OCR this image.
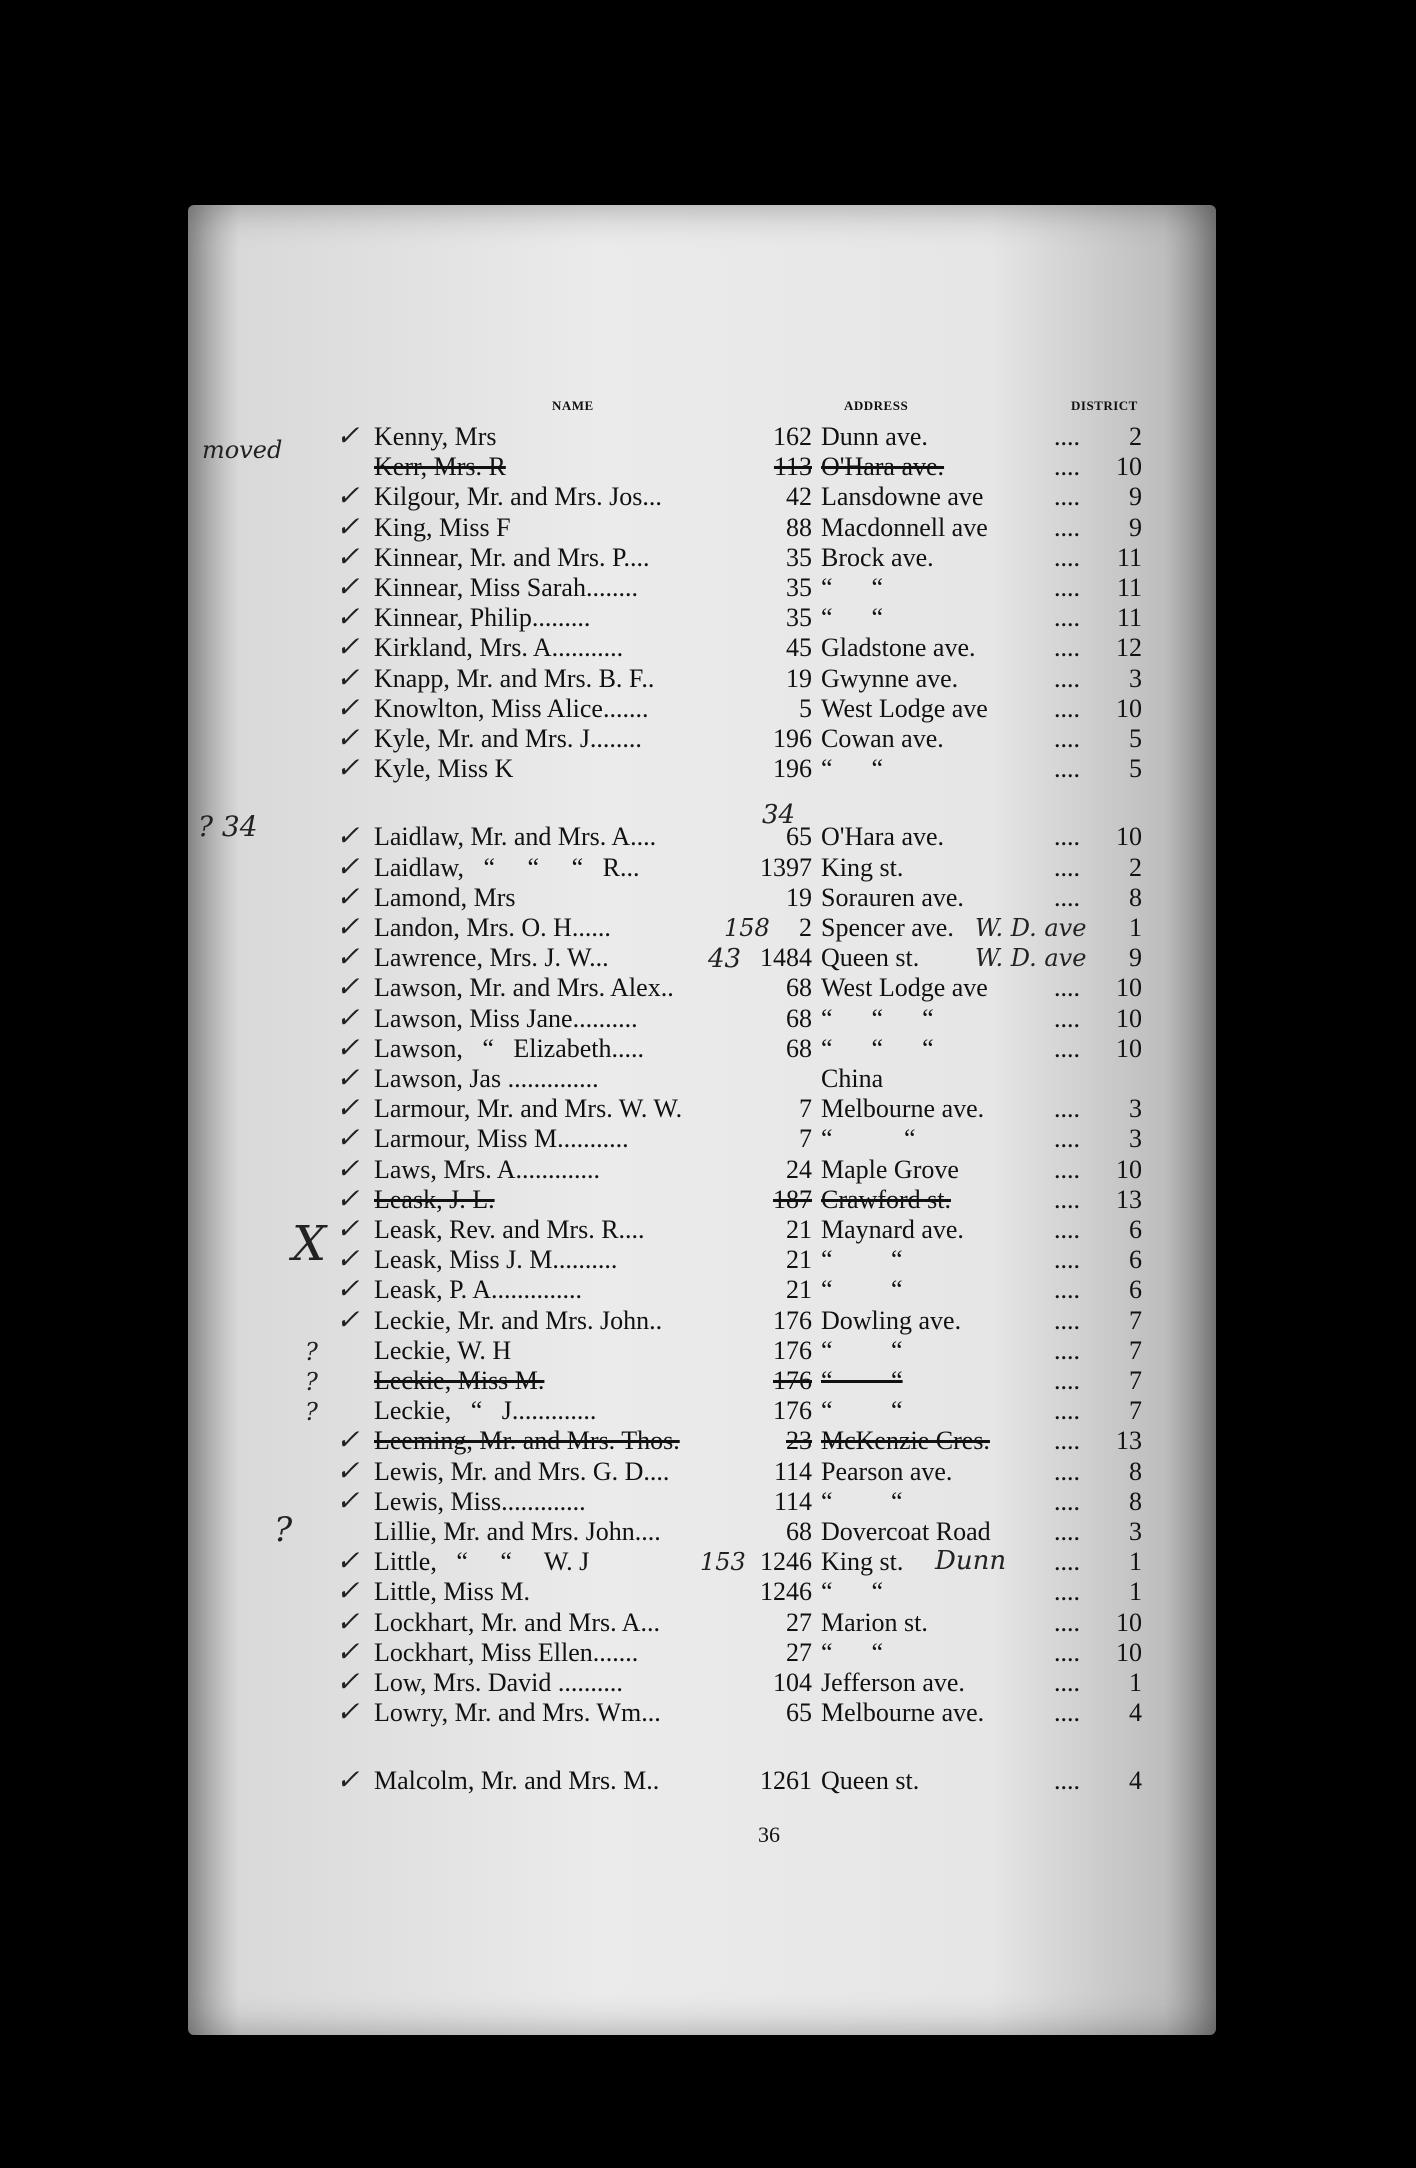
NAME	ADDRESS	DISTRICT
✓ Kenny, Mrs	162 Dunn ave.	....	2
Kerr, Mrs. R	113 O'Hara ave.	....	10
✓ Kilgour, Mr. and Mrs. Jos...	42 Lansdowne ave	....	9
✓ King, Miss F	88 Macdonnell ave	....	9
✓ Kinnear, Mr. and Mrs. P....	35 Brock ave.	....	11
✓ Kinnear, Miss Sarah........	35 “      “	....	11
✓ Kinnear, Philip.........	35 “      “	....	11
✓ Kirkland, Mrs. A...........	45 Gladstone ave.	....	12
✓ Knapp, Mr. and Mrs. B. F..	19 Gwynne ave.	....	3
✓ Knowlton, Miss Alice.......	5 West Lodge ave	....	10
✓ Kyle, Mr. and Mrs. J........	196 Cowan ave.	....	5
✓ Kyle, Miss K	196 “      “	....	5
✓ Laidlaw, Mr. and Mrs. A....	65 O'Hara ave.	....	10
✓ Laidlaw,   “     “     “   R...	1397 King st.	....	2
✓ Lamond, Mrs	19 Sorauren ave.	....	8
✓ Landon, Mrs. O. H......	2 Spencer ave.	1
✓ Lawrence, Mrs. J. W...	1484 Queen st.	9
✓ Lawson, Mr. and Mrs. Alex..	68 West Lodge ave	....	10
✓ Lawson, Miss Jane..........	68 “      “      “	....	10
✓ Lawson,   “   Elizabeth.....	68 “      “      “	....	10
✓ Lawson, Jas ..............	China
✓ Larmour, Mr. and Mrs. W. W.	7 Melbourne ave.	....	3
✓ Larmour, Miss M...........	7 “           “	....	3
✓ Laws, Mrs. A.............	24 Maple Grove	....	10
✓ Leask, J. L.	187 Crawford st.	....	13
✓ Leask, Rev. and Mrs. R....	21 Maynard ave.	....	6
✓ Leask, Miss J. M..........	21 “         “	....	6
✓ Leask, P. A..............	21 “         “	....	6
✓ Leckie, Mr. and Mrs. John..	176 Dowling ave.	....	7
Leckie, W. H	176 “         “	....	7
Leckie, Miss M.	176 “         “	....	7
Leckie,   “   J.............	176 “         “	....	7
✓ Leeming, Mr. and Mrs. Thos.	23 McKenzie Cres. ....	13
✓ Lewis, Mr. and Mrs. G. D....	114 Pearson ave.	....	8
✓ Lewis, Miss.............	114 “         “	....	8
Lillie, Mr. and Mrs. John....	68 Dovercoat Road ....	3
✓ Little,   “     “     W. J	1246 King st.	....	1
✓ Little, Miss M.	1246 “      “	....	1
✓ Lockhart, Mr. and Mrs. A...	27 Marion st.	....	10
✓ Lockhart, Miss Ellen.......	27 “      “	....	10
✓ Low, Mrs. David ..........	104 Jefferson ave.	....	1
✓ Lowry, Mr. and Mrs. Wm...	65 Melbourne ave.	....	4
✓ Malcolm, Mr. and Mrs. M..	1261 Queen st.	....	4
moved
? 34	34
158	W. D. ave
43	W. D. ave
X
?
?
?
?
153	Dunn
36
